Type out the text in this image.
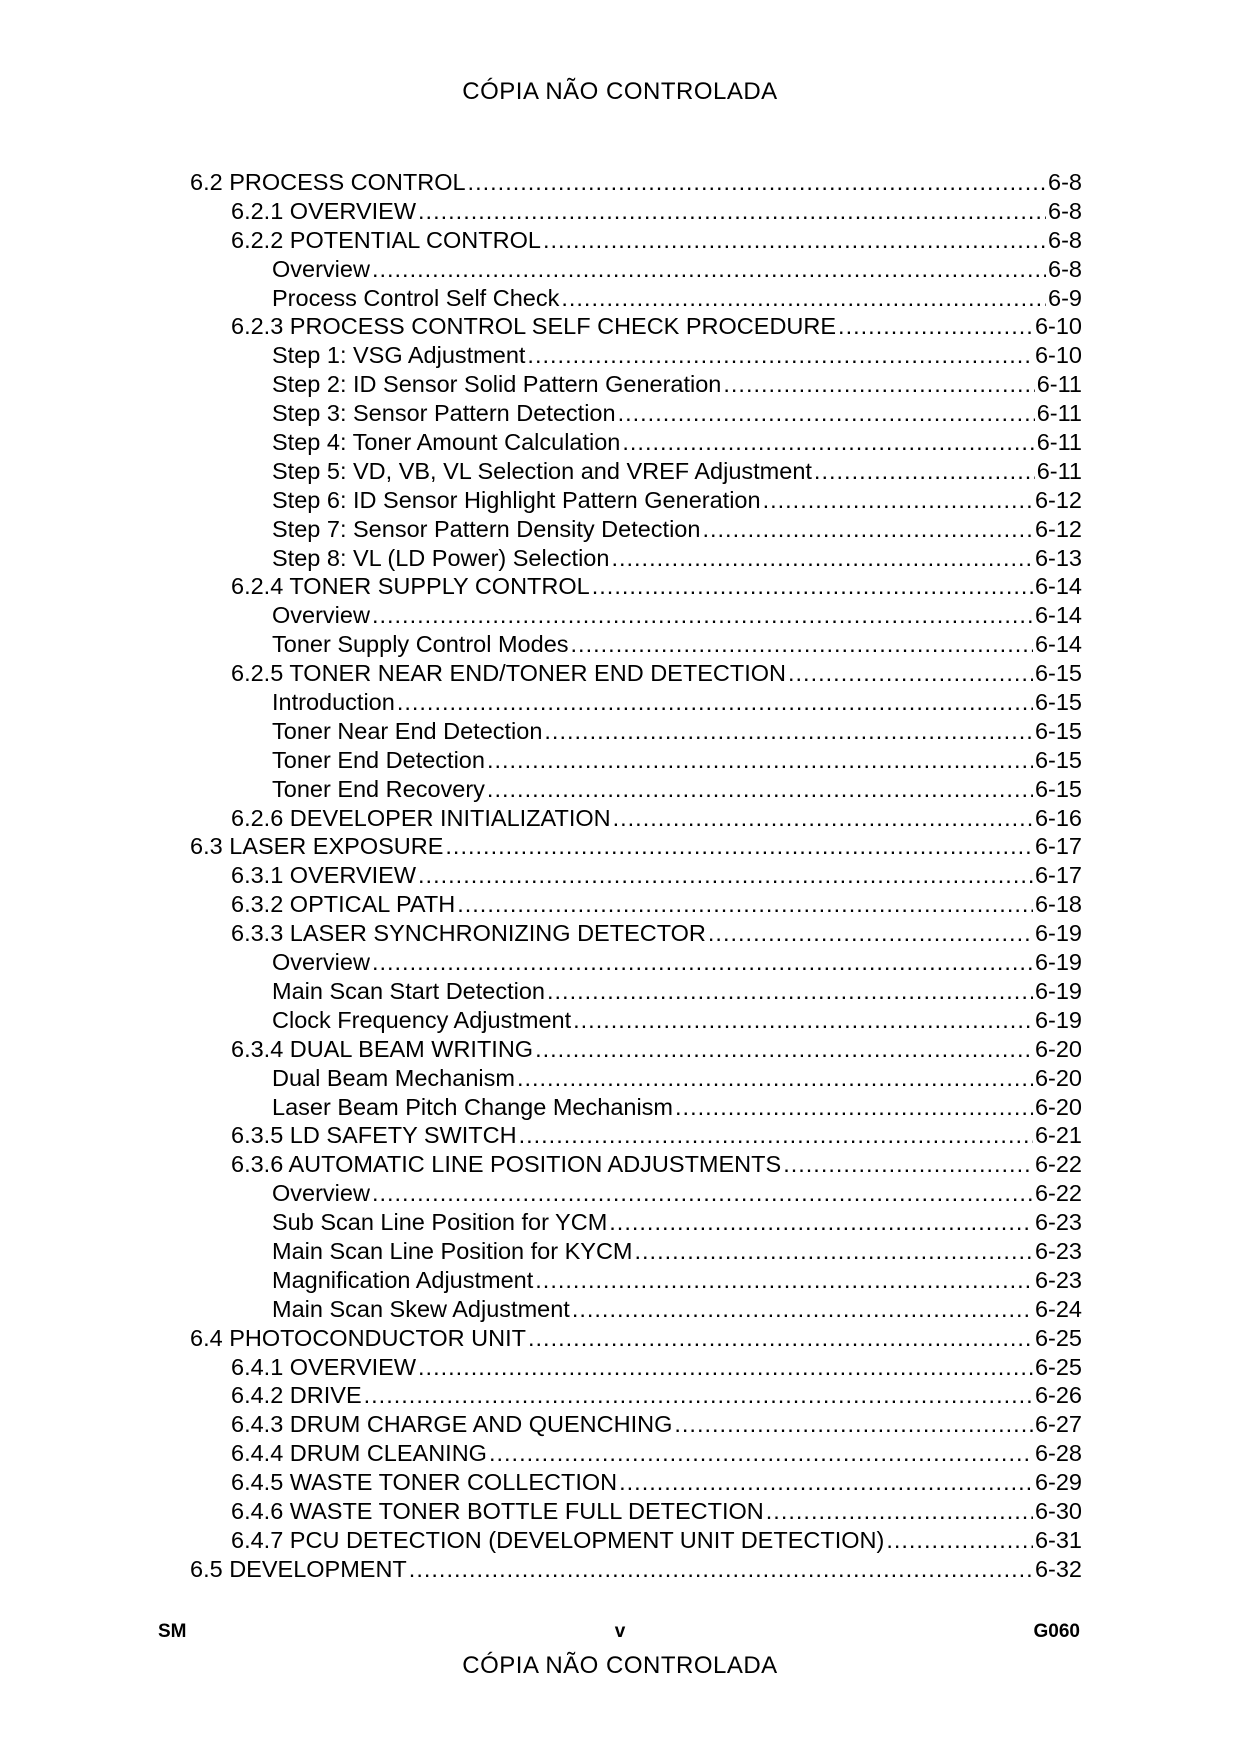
CÓPIA NÃO CONTROLADA
6.2 PROCESS CONTROL .....	6-8
6.2.1 OVERVIEW .....	6-8
6.2.2 POTENTIAL CONTROL .....	6-8
Overview .....	6-8
Process Control Self Check .....	6-9
6.2.3 PROCESS CONTROL SELF CHECK PROCEDURE .....	6-10
Step 1: VSG Adjustment .....	6-10
Step 2: ID Sensor Solid Pattern Generation .....	6-11
Step 3: Sensor Pattern Detection .....	6-11
Step 4: Toner Amount Calculation .....	6-11
Step 5: VD, VB, VL Selection and VREF Adjustment .....	6-11
Step 6: ID Sensor Highlight Pattern Generation .....	6-12
Step 7: Sensor Pattern Density Detection .....	6-12
Step 8: VL (LD Power) Selection .....	6-13
6.2.4 TONER SUPPLY CONTROL .....	6-14
Overview .....	6-14
Toner Supply Control Modes .....	6-14
6.2.5 TONER NEAR END/TONER END DETECTION .....	6-15
Introduction .....	6-15
Toner Near End Detection .....	6-15
Toner End Detection .....	6-15
Toner End Recovery .....	6-15
6.2.6 DEVELOPER INITIALIZATION .....	6-16
6.3 LASER EXPOSURE .....	6-17
6.3.1 OVERVIEW .....	6-17
6.3.2 OPTICAL PATH .....	6-18
6.3.3 LASER SYNCHRONIZING DETECTOR .....	6-19
Overview .....	6-19
Main Scan Start Detection .....	6-19
Clock Frequency Adjustment .....	6-19
6.3.4 DUAL BEAM WRITING .....	6-20
Dual Beam Mechanism .....	6-20
Laser Beam Pitch Change Mechanism .....	6-20
6.3.5 LD SAFETY SWITCH .....	6-21
6.3.6 AUTOMATIC LINE POSITION ADJUSTMENTS .....	6-22
Overview .....	6-22
Sub Scan Line Position for YCM .....	6-23
Main Scan Line Position for KYCM .....	6-23
Magnification Adjustment .....	6-23
Main Scan Skew Adjustment .....	6-24
6.4 PHOTOCONDUCTOR UNIT .....	6-25
6.4.1 OVERVIEW .....	6-25
6.4.2 DRIVE .....	6-26
6.4.3 DRUM CHARGE AND QUENCHING .....	6-27
6.4.4 DRUM CLEANING .....	6-28
6.4.5 WASTE TONER COLLECTION .....	6-29
6.4.6 WASTE TONER BOTTLE FULL DETECTION .....	6-30
6.4.7 PCU DETECTION (DEVELOPMENT UNIT DETECTION) .....	6-31
6.5 DEVELOPMENT .....	6-32
SM	v	G060
CÓPIA NÃO CONTROLADA
